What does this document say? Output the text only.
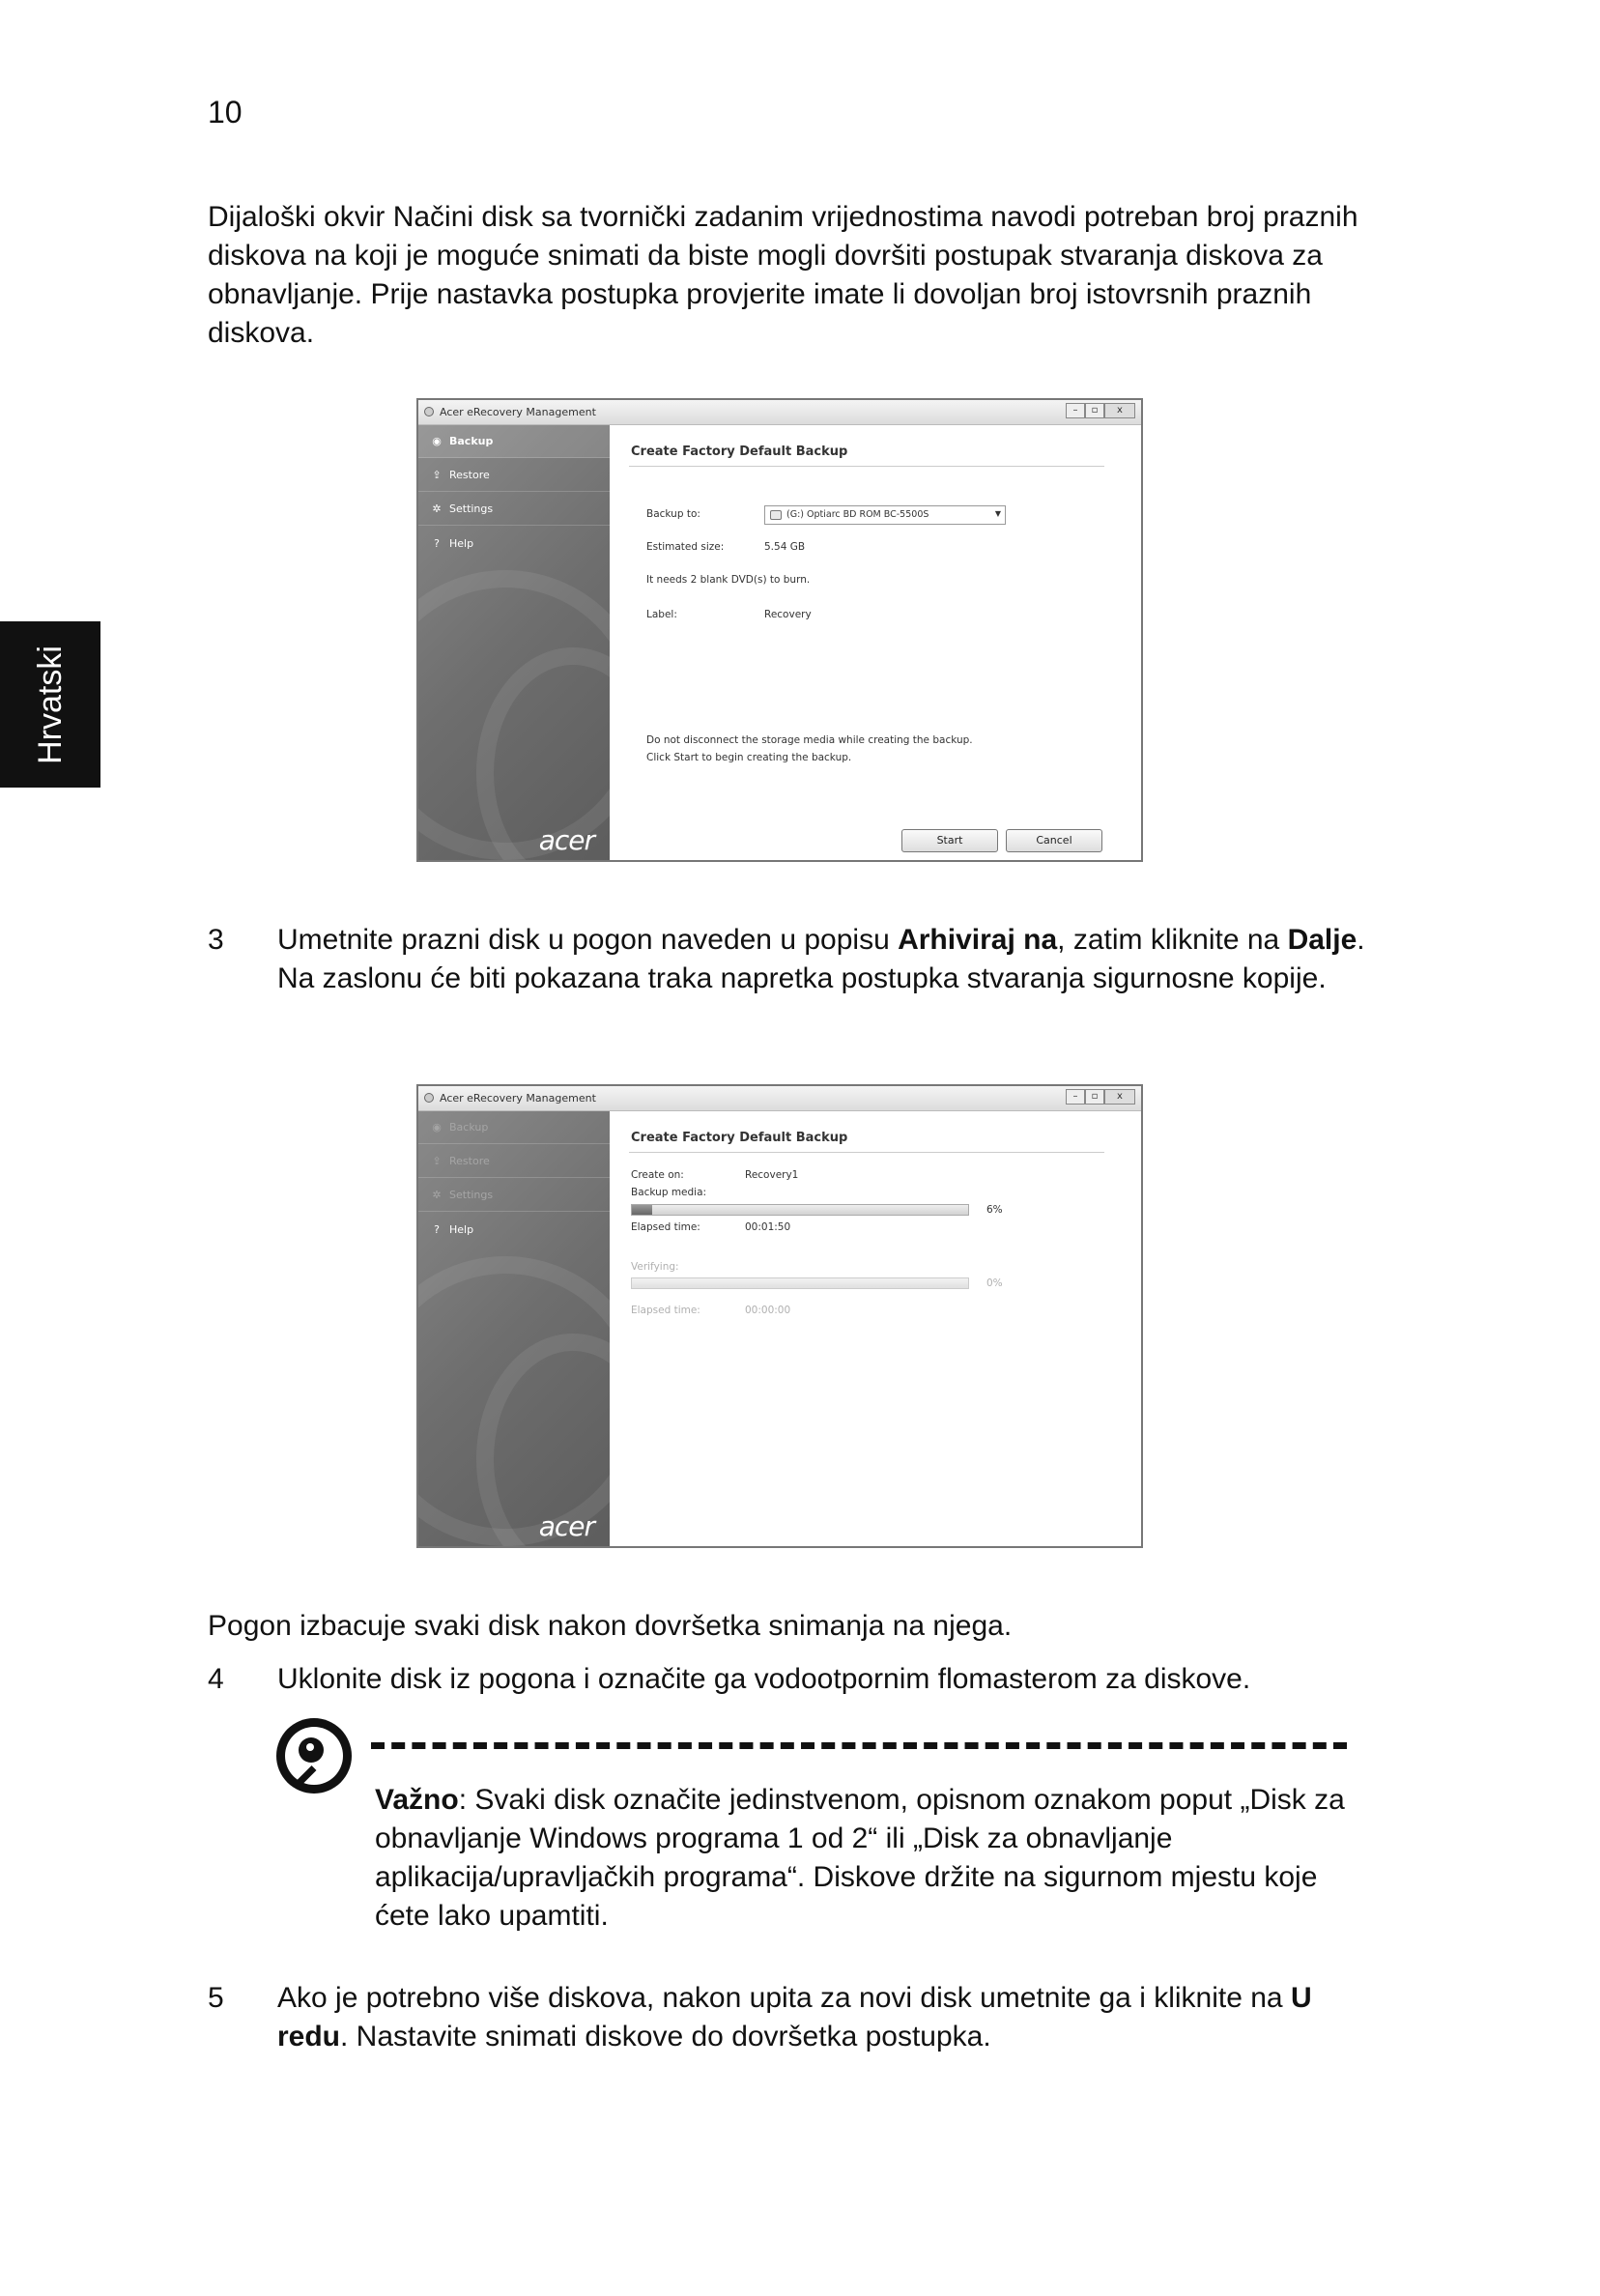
10
Hrvatski

Dijaloški okvir Načini disk sa tvornički zadanim vrijednostima navodi potreban broj praznih diskova na koji je moguće snimati da biste mogli dovršiti postupak stvaranja diskova za obnavljanje. Prije nastavka postupka provjerite imate li dovoljan broj istovrsnih praznih diskova.

Acer eRecovery Management	–	▫	x
◉ Backup
⇪ Restore
✲ Settings
? Help
acer
Create Factory Default Backup
Backup to:	(G:) Optiarc BD ROM BC-5500S	▼
Estimated size:	5.54 GB
It needs 2 blank DVD(s) to burn.
Label:	Recovery
Do not disconnect the storage media while creating the backup.
Click Start to begin creating the backup.
Start	Cancel
3 Umetnite prazni disk u pogon naveden u popisu Arhiviraj na, zatim kliknite na Dalje. Na zaslonu će biti pokazana traka napretka postupka stvaranja sigurnosne kopije.

Acer eRecovery Management	–	▫	x
◉ Backup
⇪ Restore
✲ Settings
? Help
acer
Create Factory Default Backup
Create on:	Recovery1
Backup media:
6%
Elapsed time:	00:01:50
Verifying:
0%
Elapsed time:	00:00:00

Pogon izbacuje svaki disk nakon dovršetka snimanja na njega.

4 Uklonite disk iz pogona i označite ga vodootpornim flomasterom za diskove.

Važno: Svaki disk označite jedinstvenom, opisnom oznakom poput „Disk za obnavljanje Windows programa 1 od 2“ ili „Disk za obnavljanje aplikacija/upravljačkih programa“. Diskove držite na sigurnom mjestu koje ćete lako upamtiti.

5 Ako je potrebno više diskova, nakon upita za novi disk umetnite ga i kliknite na U redu. Nastavite snimati diskove do dovršetka postupka.
